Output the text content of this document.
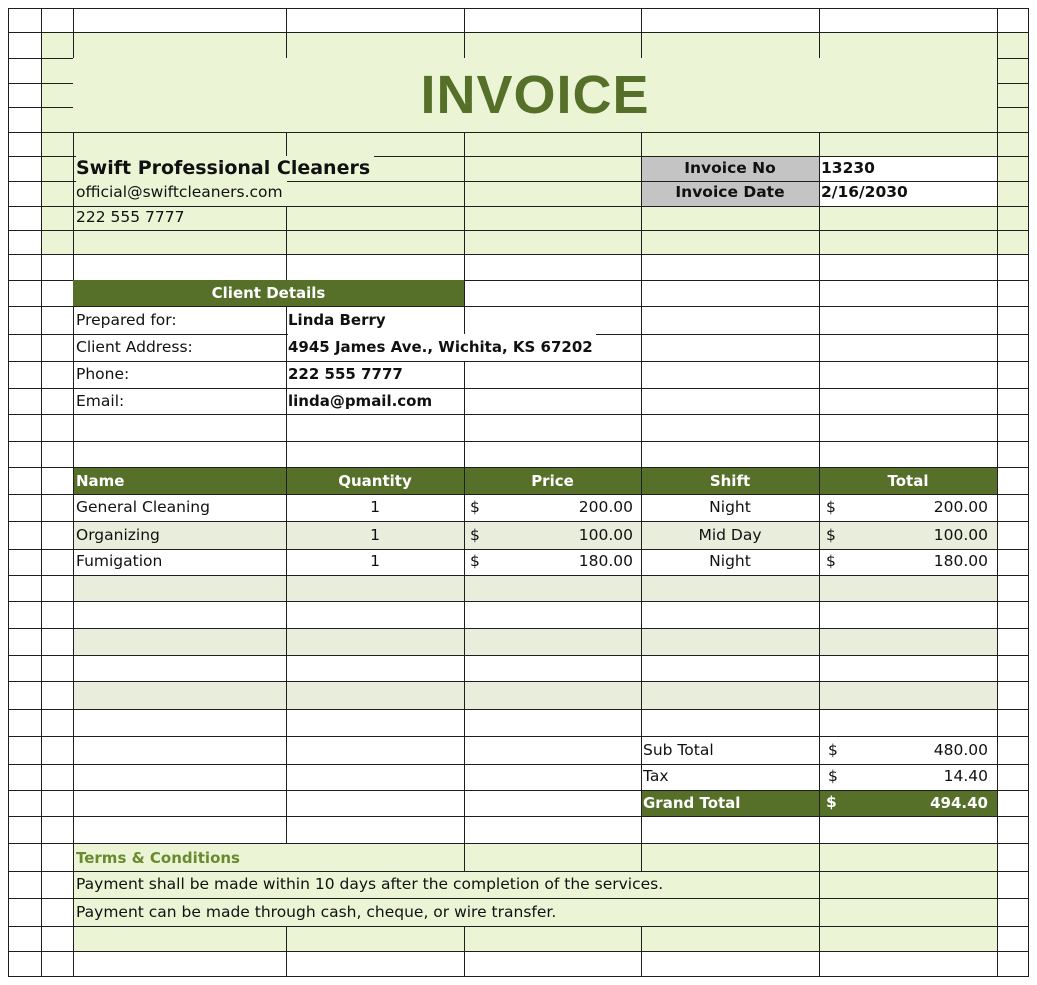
INVOICE
Swift Professional Cleaners
official@swiftcleaners.com
222 555 7777
Invoice No	13230
Invoice Date	2/16/2030
Client Details
Prepared for:	Linda Berry
Client Address:	4945 James Ave., Wichita, KS 67202
Phone:	222 555 7777
Email:	linda@pmail.com
Name	Quantity	Price	Shift	Total
General Cleaning	1	$	200.00	Night	$	200.00
Organizing	1	$	100.00	Mid Day	$	100.00
Fumigation	1	$	180.00	Night	$	180.00
Sub Total	$	480.00
Tax	$	14.40
Grand Total	$	494.40
Terms & Conditions
Payment shall be made within 10 days after the completion of the services.
Payment can be made through cash, cheque, or wire transfer.
